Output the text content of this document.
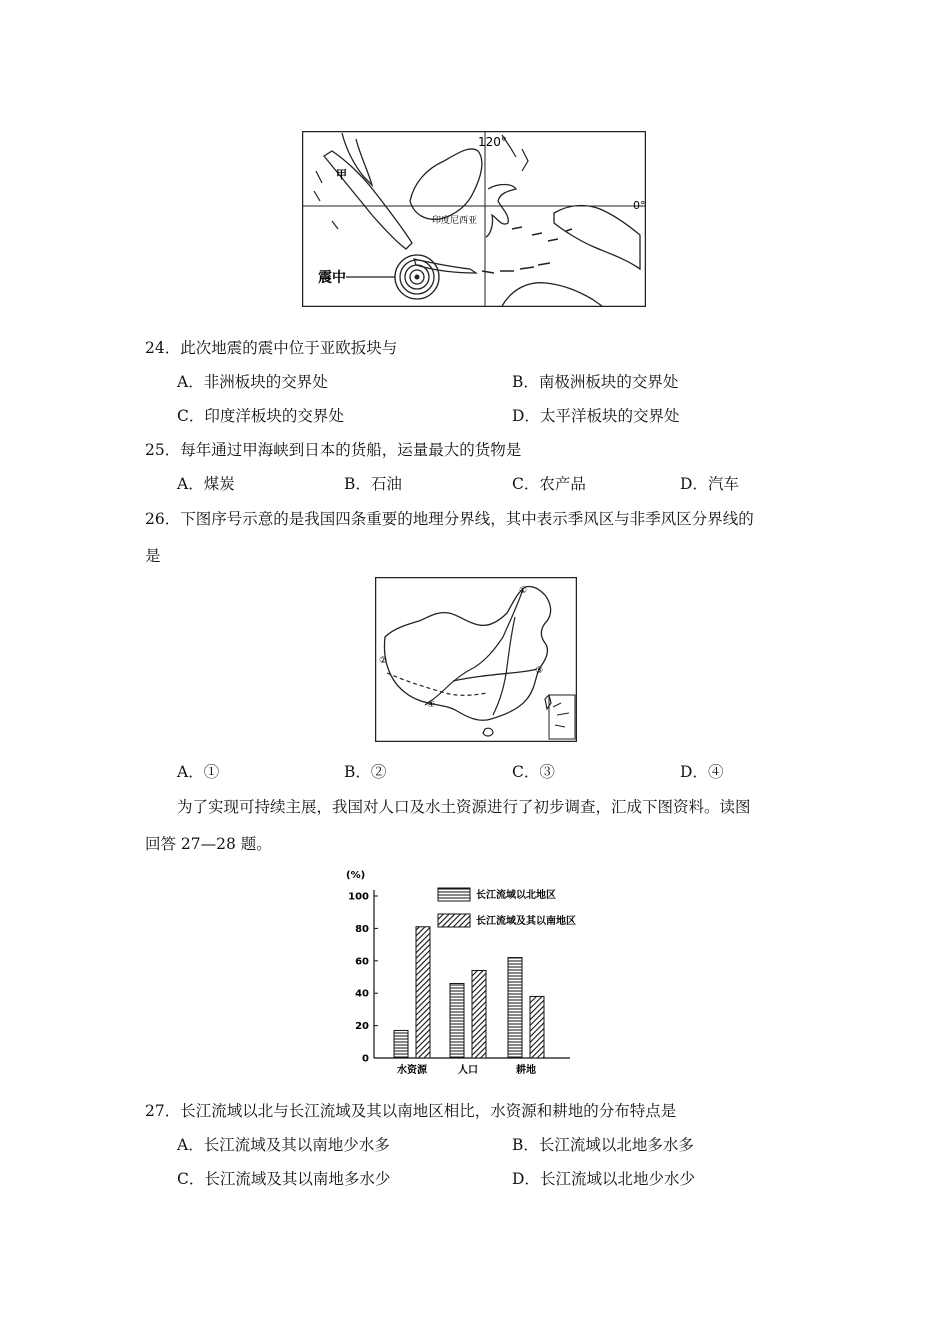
120°
0°
甲
印度尼西亚
震中
24．此次地震的震中位于亚欧扳块与
A．非洲板块的交界处	B．南极洲板块的交界处
C．印度洋板块的交界处	D．太平洋板块的交界处
25．每年通过甲海峡到日本的货船，运量最大的货物是
A．煤炭	B．石油	C．农产品	D．汽车
26．下图序号示意的是我国四条重要的地理分界线，其中表示季风区与非季风区分界线的
是
①
②
③
④
A．①	B．②	C．③	D．④
为了实现可持续主展，我国对人口及水土资源进行了初步调查，汇成下图资料。读图
回答 27—28 题。
(%)
0
20
40
60
80
100
水资源	人口	耕地
长江流域以北地区
长江流域及其以南地区
27．长江流域以北与长江流域及其以南地区相比，水资源和耕地的分布特点是
A．长江流域及其以南地少水多	B．长江流域以北地多水多
C．长江流域及其以南地多水少	D．长江流域以北地少水少
